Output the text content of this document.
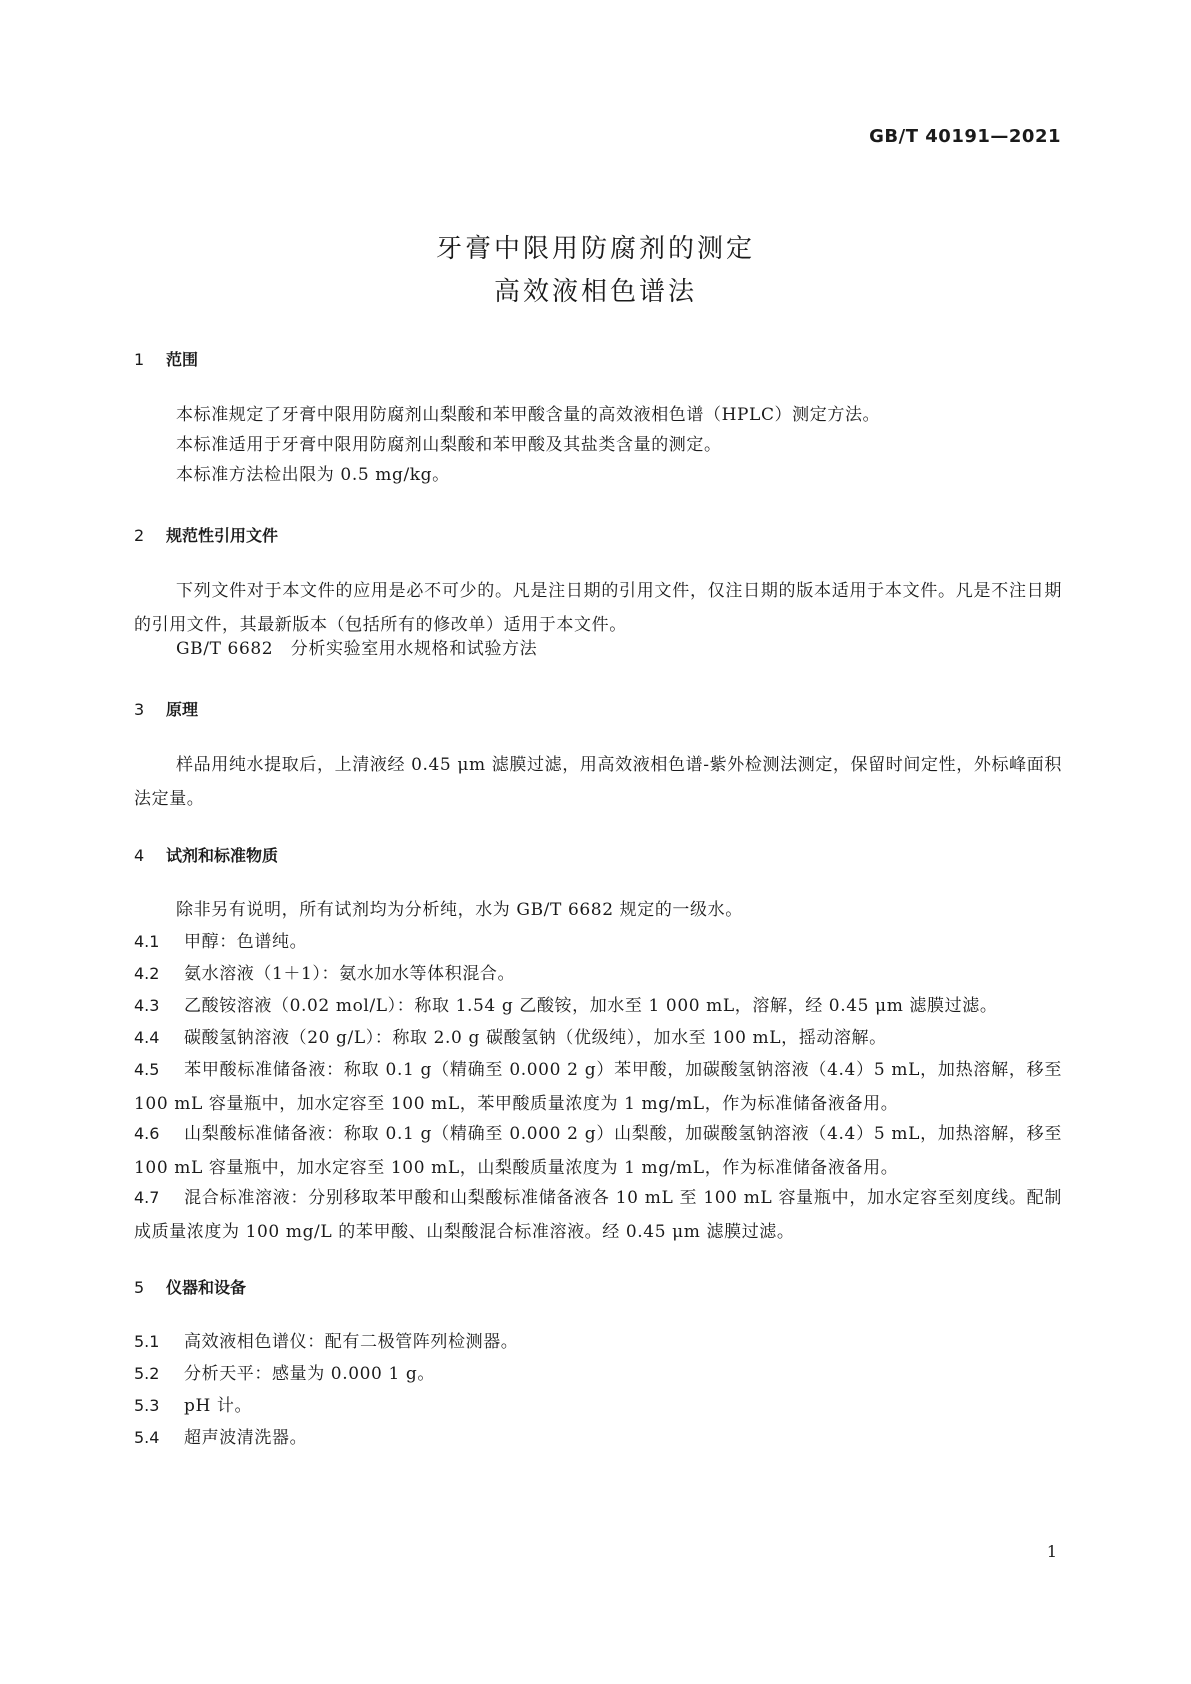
GB/T 40191—2021
牙膏中限用防腐剂的测定
高效液相色谱法
1 范围
本标准规定了牙膏中限用防腐剂山梨酸和苯甲酸含量的高效液相色谱（HPLC）测定方法。
本标准适用于牙膏中限用防腐剂山梨酸和苯甲酸及其盐类含量的测定。
本标准方法检出限为 0.5 mg/kg。
2 规范性引用文件
下列文件对于本文件的应用是必不可少的。凡是注日期的引用文件，仅注日期的版本适用于本文件。凡是不注日期的引用文件，其最新版本（包括所有的修改单）适用于本文件。
GB/T 6682　分析实验室用水规格和试验方法
3 原理
样品用纯水提取后，上清液经 0.45 μm 滤膜过滤，用高效液相色谱-紫外检测法测定，保留时间定性，外标峰面积法定量。
4 试剂和标准物质
除非另有说明，所有试剂均为分析纯，水为 GB/T 6682 规定的一级水。
4.1 甲醇：色谱纯。
4.2 氨水溶液（1＋1）：氨水加水等体积混合。
4.3 乙酸铵溶液（0.02 mol/L）：称取 1.54 g 乙酸铵，加水至 1 000 mL，溶解，经 0.45 μm 滤膜过滤。
4.4 碳酸氢钠溶液（20 g/L）：称取 2.0 g 碳酸氢钠（优级纯），加水至 100 mL，摇动溶解。
4.5 苯甲酸标准储备液：称取 0.1 g（精确至 0.000 2 g）苯甲酸，加碳酸氢钠溶液（4.4）5 mL，加热溶解，移至 100 mL 容量瓶中，加水定容至 100 mL，苯甲酸质量浓度为 1 mg/mL，作为标准储备液备用。
4.6 山梨酸标准储备液：称取 0.1 g（精确至 0.000 2 g）山梨酸，加碳酸氢钠溶液（4.4）5 mL，加热溶解，移至 100 mL 容量瓶中，加水定容至 100 mL，山梨酸质量浓度为 1 mg/mL，作为标准储备液备用。
4.7 混合标准溶液：分别移取苯甲酸和山梨酸标准储备液各 10 mL 至 100 mL 容量瓶中，加水定容至刻度线。配制成质量浓度为 100 mg/L 的苯甲酸、山梨酸混合标准溶液。经 0.45 μm 滤膜过滤。
5 仪器和设备
5.1 高效液相色谱仪：配有二极管阵列检测器。
5.2 分析天平：感量为 0.000 1 g。
5.3 pH 计。
5.4 超声波清洗器。
1
